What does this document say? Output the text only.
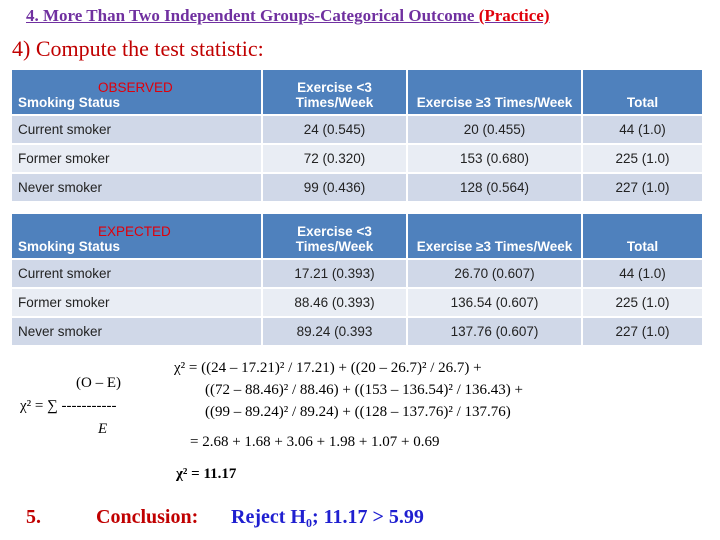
4. More Than Two Independent Groups-Categorical Outcome (Practice)
4) Compute the test statistic:
OBSERVED
Smoking Status	Exercise <3 Times/Week	Exercise ≥3 Times/Week	Total
Current smoker	24 (0.545)	20 (0.455)	44 (1.0)
Former smoker	72 (0.320)	153 (0.680)	225 (1.0)
Never smoker	99 (0.436)	128 (0.564)	227 (1.0)
EXPECTED
Smoking Status	Exercise <3 Times/Week	Exercise ≥3 Times/Week	Total
Current smoker	17.21 (0.393)	26.70 (0.607)	44 (1.0)
Former smoker	88.46 (0.393)	136.54 (0.607)	225 (1.0)
Never smoker	89.24 (0.393	137.76 (0.607)	227 (1.0)
(O – E)
χ² = ∑ -----------
E
χ² = ((24 – 17.21)² / 17.21) + ((20 – 26.7)² / 26.7) +
((72 – 88.46)² / 88.46) + ((153 – 136.54)² / 136.43) +
((99 – 89.24)² / 89.24) + ((128 – 137.76)² / 137.76)
= 2.68 + 1.68 + 3.06 + 1.98 + 1.07 + 0.69
χ² = 11.17
5.	Conclusion: Reject H₀; 11.17 > 5.99
